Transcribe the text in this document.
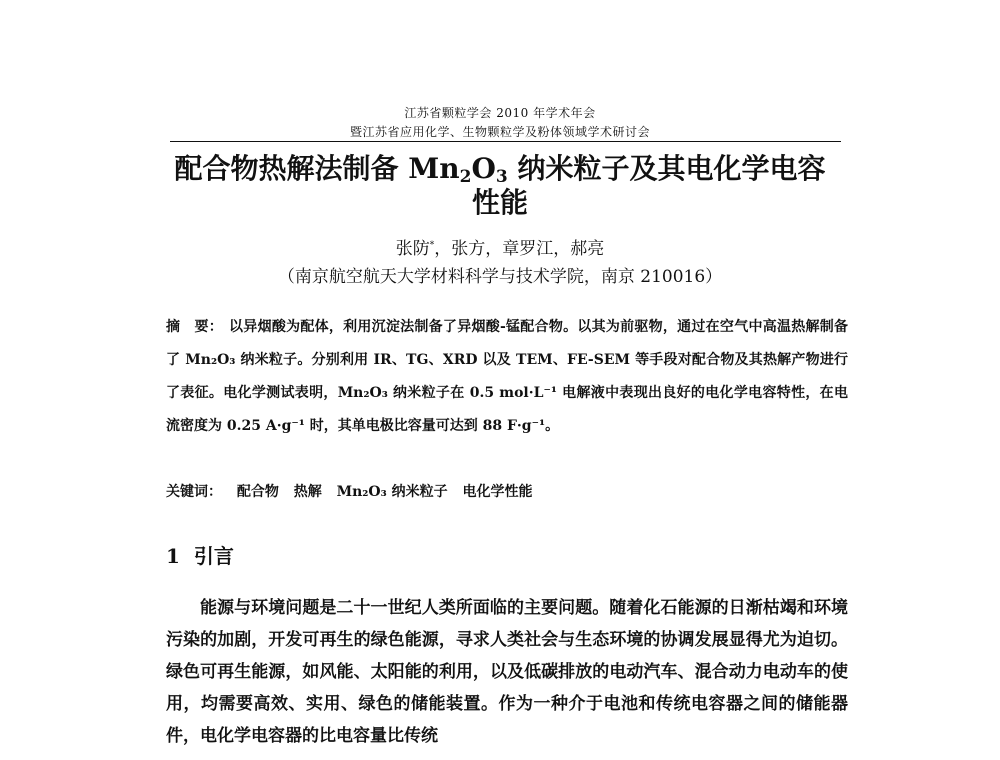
江苏省颗粒学会 2010 年学术年会
暨江苏省应用化学、生物颗粒学及粉体领域学术研讨会
配合物热解法制备 $Mn_2O_3$ 纳米粒子及其电化学电容
性能
张防*，张方，章罗江，郝亮
（南京航空航天大学材料科学与技术学院，南京 210016）
摘　要： 以异烟酸为配体，利用沉淀法制备了异烟酸-锰配合物。以其为前驱物，通过在空气中高温热解制备了 Mn₂O₃ 纳米粒子。分别利用 IR、TG、XRD 以及 TEM、FE-SEM 等手段对配合物及其热解产物进行了表征。电化学测试表明，Mn₂O₃ 纳米粒子在 0.5 mol·L⁻¹ 电解液中表现出良好的电化学电容特性，在电流密度为 0.25 A·g⁻¹ 时，其单电极比容量可达到 88 F·g⁻¹。
关键词： 配合物 热解 Mn₂O₃ 纳米粒子 电化学性能
1 引言
能源与环境问题是二十一世纪人类所面临的主要问题。随着化石能源的日渐枯竭和环境污染的加剧，开发可再生的绿色能源，寻求人类社会与生态环境的协调发展显得尤为迫切。绿色可再生能源，如风能、太阳能的利用，以及低碳排放的电动汽车、混合动力电动车的使用，均需要高效、实用、绿色的储能装置。作为一种介于电池和传统电容器之间的储能器件，电化学电容器的比电容量比传统
